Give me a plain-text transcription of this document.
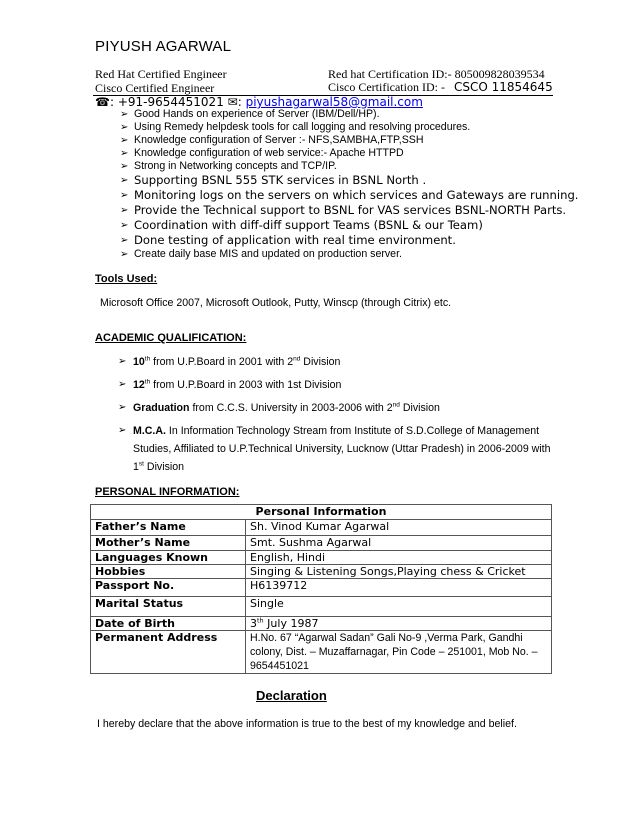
PIYUSH AGARWAL
Red Hat Certified Engineer
Cisco Certified Engineer
Red hat Certification ID:- 805009828039534
Cisco Certification ID: - CSCO 11854645
☎: +91-9654451021 ✉: piyushagarwal58@gmail.com
➢ Good Hands on experience of Server (IBM/Dell/HP).
➢ Using Remedy helpdesk tools for call logging and resolving procedures.
➢ Knowledge configuration of Server :- NFS,SAMBHA,FTP,SSH
➢ Knowledge configuration of web service:- Apache HTTPD
➢ Strong in Networking concepts and TCP/IP.
➢ Supporting BSNL 555 STK services in BSNL North .
➢ Monitoring logs on the servers on which services and Gateways are running.
➢ Provide the Technical support to BSNL for VAS services BSNL-NORTH Parts.
➢ Coordination with diff-diff support Teams (BSNL & our Team)
➢ Done testing of application with real time environment.
➢ Create daily base MIS and updated on production server.
Tools Used:
Microsoft Office 2007, Microsoft Outlook, Putty, Winscp (through Citrix) etc.
ACADEMIC QUALIFICATION:
➢ 10th from U.P.Board in 2001 with 2nd Division
➢ 12th from U.P.Board in 2003 with 1st Division
➢ Graduation from C.C.S. University in 2003-2006 with 2nd Division
➢ M.C.A. In Information Technology Stream from Institute of S.D.College of Management Studies, Affiliated to U.P.Technical University, Lucknow (Uttar Pradesh) in 2006-2009 with 1st Division
PERSONAL INFORMATION:
Personal Information	
Father’s Name	Sh. Vinod Kumar Agarwal
Mother’s Name	Smt. Sushma Agarwal
Languages Known	English, Hindi
Hobbies	Singing & Listening Songs,Playing chess & Cricket
Passport No.	H6139712
Marital Status	Single
Date of Birth	3th July 1987
Permanent Address	H.No. 67 “Agarwal Sadan” Gali No-9 ,Verma Park, Gandhi colony, Dist. – Muzaffarnagar, Pin Code – 251001, Mob No. – 9654451021
Declaration
I hereby declare that the above information is true to the best of my knowledge and belief.
